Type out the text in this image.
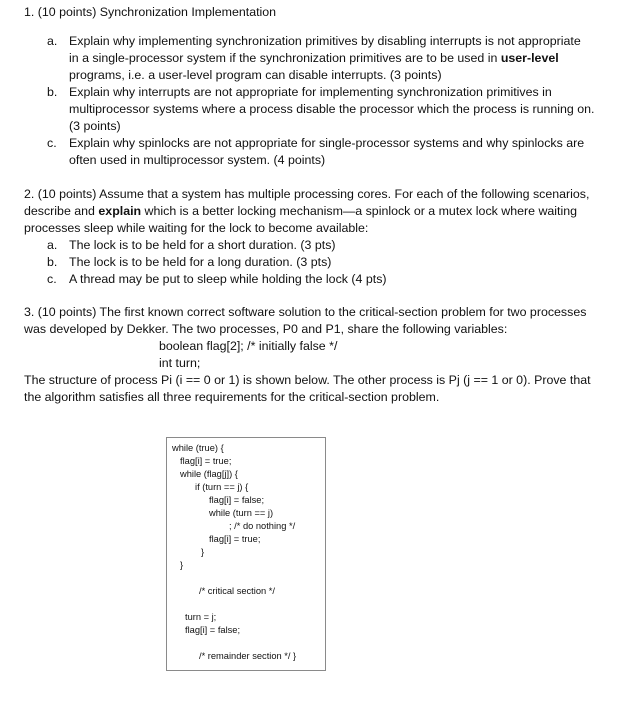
1. (10 points) Synchronization Implementation
a. Explain why implementing synchronization primitives by disabling interrupts is not appropriate
in a single-processor system if the synchronization primitives are to be used in user-level
programs, i.e. a user-level program can disable interrupts. (3 points)
b. Explain why interrupts are not appropriate for implementing synchronization primitives in
multiprocessor systems where a process disable the processor which the process is running on.
(3 points)
c. Explain why spinlocks are not appropriate for single-processor systems and why spinlocks are
often used in multiprocessor system. (4 points)
2. (10 points) Assume that a system has multiple processing cores. For each of the following scenarios,
describe and explain which is a better locking mechanism—a spinlock or a mutex lock where waiting
processes sleep while waiting for the lock to become available:
a. The lock is to be held for a short duration. (3 pts)
b. The lock is to be held for a long duration. (3 pts)
c. A thread may be put to sleep while holding the lock (4 pts)
3. (10 points) The first known correct software solution to the critical-section problem for two processes
was developed by Dekker. The two processes, P0 and P1, share the following variables:
boolean flag[2]; /* initially false */
int turn;
The structure of process Pi (i == 0 or 1) is shown below. The other process is Pj (j == 1 or 0). Prove that
the algorithm satisfies all three requirements for the critical-section problem.
while (true) {
flag[i] = true;
while (flag[j]) {
if (turn == j) {
flag[i] = false;
while (turn == j)
; /* do nothing */
flag[i] = true;
}
}
/* critical section */
turn = j;
flag[i] = false;
/* remainder section */ }
